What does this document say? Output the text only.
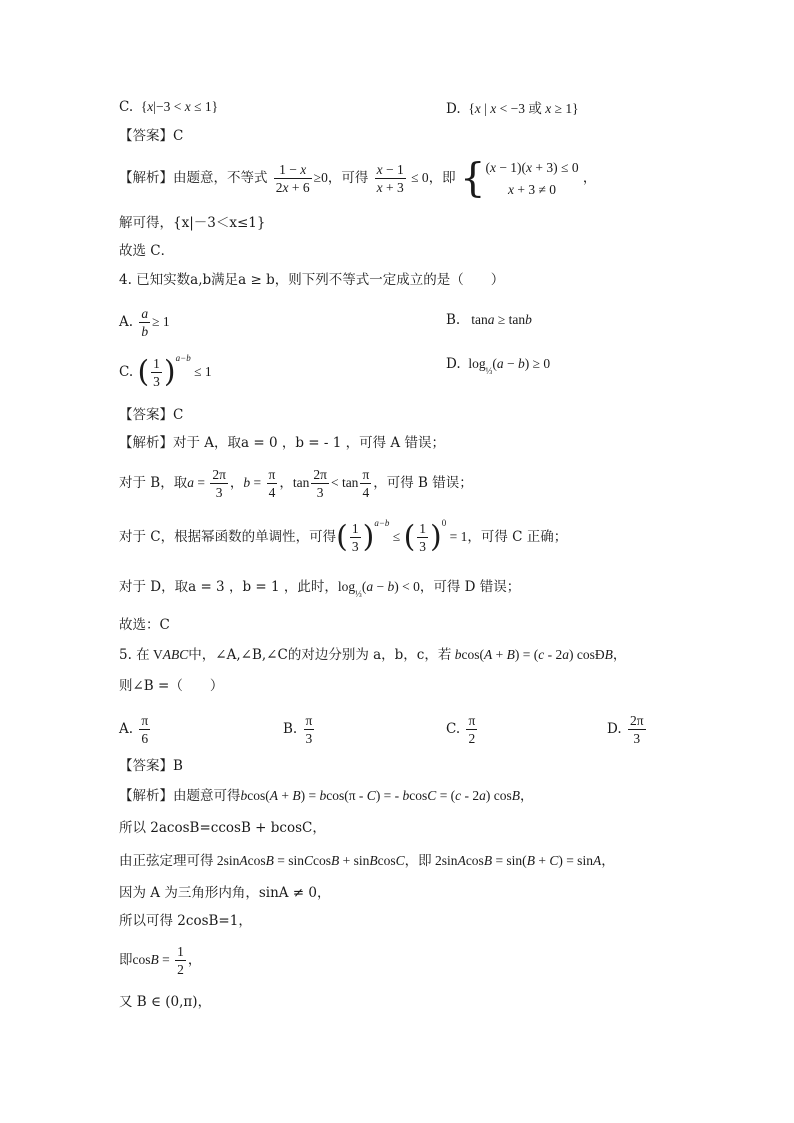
C.  {x|−3 < x ≤ 1}	D.  {x | x < −3 或 x ≥ 1}
【答案】C
【解析】由题意，不等式 $\frac{1 - x}{2x + 6} \ge 0$，可得 $\frac{x - 1}{x + 3} \le 0$，即 {(x − 1)(x + 3) ≤ 0
x + 3 ≠ 0 ，
解可得，{x|－3＜x≤1}
故选 C．
4. 已知实数a,b满足a ≥ b，则下列不等式一定成立的是（　　）
A. $\frac{a}{b} \ge 1$	B.   tana ≥ tanb
C. ( $\frac{1}{3} )^{a-b} \le 1$	D.  $\log_{\frac{1}{3}}(a - b) \ge 0$
【答案】C
【解析】对于 A，取a = 0 ，b = - 1 ，可得 A 错误；
对于 B，取$a = \frac{2\pi}{3}$ ，$b = \frac{\pi}{4}$ ，$\tan \frac{2\pi}{3} < \tan \frac{\pi}{4}$ ，可得 B 错误；
对于 C，根据幂函数的单调性，可得( $\frac{1}{3} )^{a-b}$ ≤ ( $\frac{1}{3} )^0 = 1$，可得 C 正确；
对于 D，取a = 3 ，b = 1 ，此时，$\log_{\frac{1}{3}}(a - b) < 0$，可得 D 错误；
故选：C
5. 在 VABC中，∠A,∠B,∠C的对边分别为 a，b，c，若 bcos(A + B) = (c - 2a) cosÐB，
则∠B =（　　）
A. $\frac{\pi}{6}$	B. $\frac{\pi}{3}$	C. $\frac{\pi}{2}$	D. $\frac{2\pi}{3}$
【答案】B
【解析】由题意可得bcos(A + B) = bcos(π - C) = - bcosC = (c - 2a) cosB，
所以 2acosB=ccosB + bcosC，
由正弦定理可得 2sinAcosB = sinCcosB + sinBcosC，即 2sinAcosB = sin(B + C) = sinA，
因为 A 为三角形内角，sinA ≠ 0，
所以可得 2cosB=1，
即$\cos B = \frac{1}{2}$ ，
又 B ∈ (0,π)，
